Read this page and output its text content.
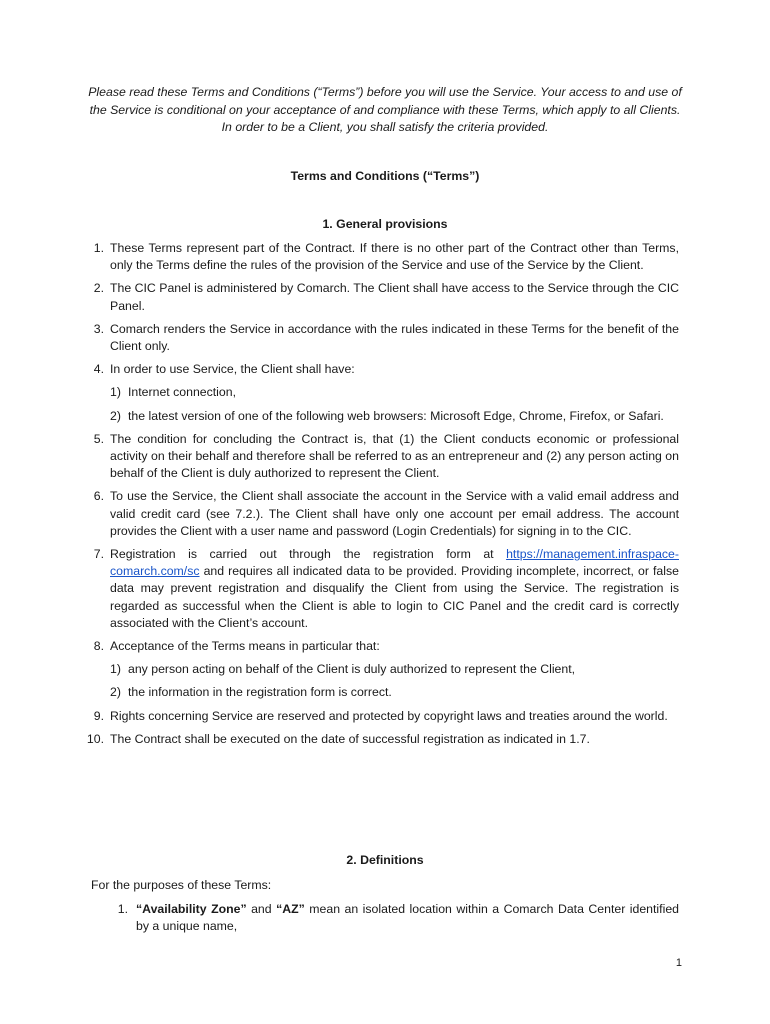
Please read these Terms and Conditions (“Terms”) before you will use the Service. Your access to and use of the Service is conditional on your acceptance of and compliance with these Terms, which apply to all Clients. In order to be a Client, you shall satisfy the criteria provided.
Terms and Conditions (“Terms”)
1. General provisions
1. These Terms represent part of the Contract. If there is no other part of the Contract other than Terms, only the Terms define the rules of the provision of the Service and use of the Service by the Client.
2. The CIC Panel is administered by Comarch. The Client shall have access to the Service through the CIC Panel.
3. Comarch renders the Service in accordance with the rules indicated in these Terms for the benefit of the Client only.
4. In order to use Service, the Client shall have:
1) Internet connection,
2) the latest version of one of the following web browsers: Microsoft Edge, Chrome, Firefox, or Safari.
5. The condition for concluding the Contract is, that (1) the Client conducts economic or professional activity on their behalf and therefore shall be referred to as an entrepreneur and (2) any person acting on behalf of the Client is duly authorized to represent the Client.
6. To use the Service, the Client shall associate the account in the Service with a valid email address and valid credit card (see 7.2.). The Client shall have only one account per email address. The account provides the Client with a user name and password (Login Credentials) for signing in to the CIC.
7. Registration is carried out through the registration form at https://management.infraspace-comarch.com/sc and requires all indicated data to be provided. Providing incomplete, incorrect, or false data may prevent registration and disqualify the Client from using the Service. The registration is regarded as successful when the Client is able to login to CIC Panel and the credit card is correctly associated with the Client’s account.
8. Acceptance of the Terms means in particular that:
1) any person acting on behalf of the Client is duly authorized to represent the Client,
2) the information in the registration form is correct.
9. Rights concerning Service are reserved and protected by copyright laws and treaties around the world.
10. The Contract shall be executed on the date of successful registration as indicated in 1.7.
2. Definitions
For the purposes of these Terms:
1. “Availability Zone” and “AZ” mean an isolated location within a Comarch Data Center identified by a unique name,
1
